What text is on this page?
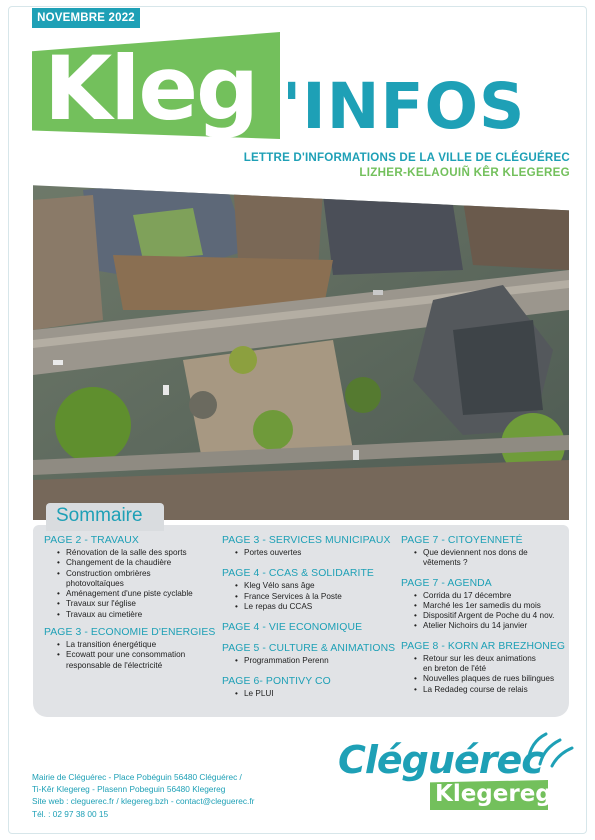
NOVEMBRE 2022
Kleg 'INFOS
LETTRE D'INFORMATIONS DE LA VILLE DE CLÉGUÉREC
LIZHER-KELAOUIÑ KÊR KLEGEREG
Sommaire
PAGE 2 - TRAVAUX
• Rénovation de la salle des sports
• Changement de la chaudière
• Construction ombrières photovoltaïques
• Aménagement d'une piste cyclable
• Travaux sur l'église
• Travaux au cimetière
PAGE 3 - ECONOMIE D'ENERGIES
• La transition énergétique
• Ecowatt pour une consommation responsable de l'électricité
PAGE 3 - SERVICES MUNICIPAUX
• Portes ouvertes
PAGE 4 - CCAS & SOLIDARITE
• Kleg Vélo sans âge
• France Services à la Poste
• Le repas du CCAS
PAGE 4 - VIE ECONOMIQUE
PAGE 5 - CULTURE & ANIMATIONS
• Programmation Perenn
PAGE 6- PONTIVY CO
• Le PLUI
PAGE 7 - CITOYENNETÉ
• Que deviennent nos dons de vêtements ?
PAGE 7 - AGENDA
• Corrida du 17 décembre
• Marché les 1er samedis du mois
• Dispositif Argent de Poche du 4 nov.
• Atelier Nichoirs du 14 janvier
PAGE 8 - KORN AR BREZHONEG
• Retour sur les deux animations en breton de l'été
• Nouvelles plaques de rues bilingues
• La Redadeg course de relais
Mairie de Cléguérec - Place Pobéguin 56480 Cléguérec /
Ti-Kêr Klegereg - Plasenn Pobeguin 56480 Klegereg
Site web : cleguerec.fr / klegereg.bzh - contact@cleguerec.fr
Tél. : 02 97 38 00 15
Cléguérec
Klegereg
